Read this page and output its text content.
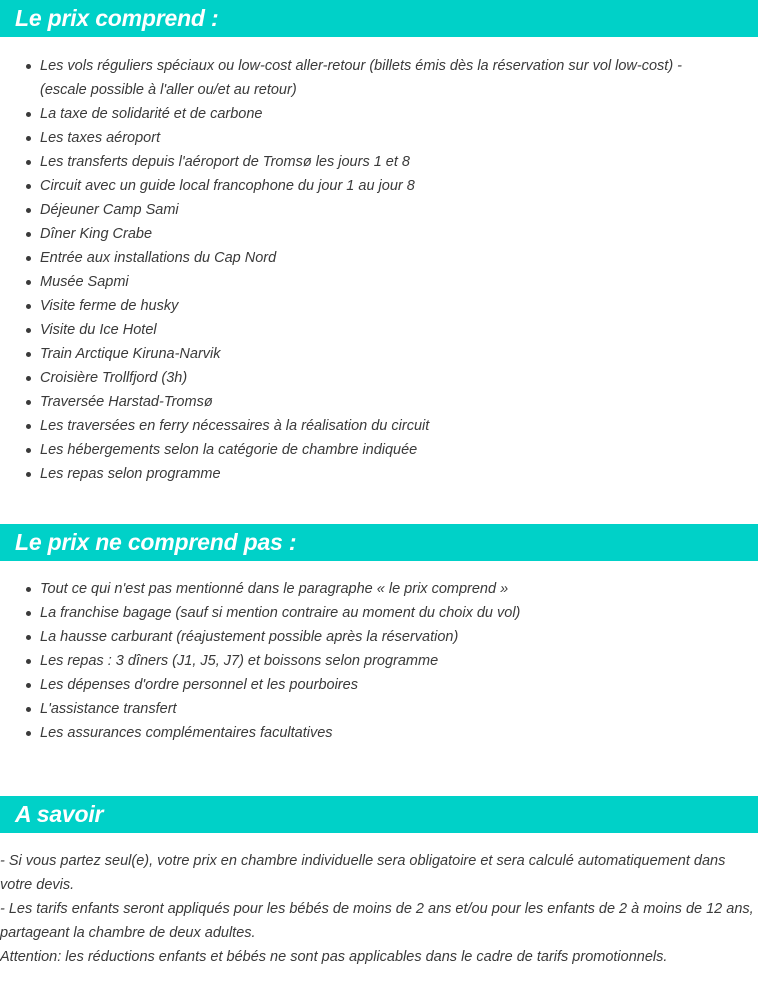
Le prix comprend :
Les vols réguliers spéciaux ou low-cost aller-retour (billets émis dès la réservation sur vol low-cost) - (escale possible à l'aller ou/et au retour)
La taxe de solidarité et de carbone
Les taxes aéroport
Les transferts depuis l'aéroport de Tromsø les jours 1 et 8
Circuit avec un guide local francophone du jour 1 au jour 8
Déjeuner Camp Sami
Dîner King Crabe
Entrée aux installations du Cap Nord
Musée Sapmi
Visite ferme de husky
Visite du Ice Hotel
Train Arctique Kiruna-Narvik
Croisière Trollfjord (3h)
Traversée Harstad-Tromsø
Les traversées en ferry nécessaires à la réalisation du circuit
Les hébergements selon la catégorie de chambre indiquée
Les repas selon programme
Le prix ne comprend pas :
Tout ce qui n'est pas mentionné dans le paragraphe « le prix comprend »
La franchise bagage (sauf si mention contraire au moment du choix du vol)
La hausse carburant (réajustement possible après la réservation)
Les repas : 3 dîners (J1, J5, J7) et boissons selon programme
Les dépenses d'ordre personnel et les pourboires
L'assistance transfert
Les assurances complémentaires facultatives
A savoir

- Si vous partez seul(e), votre prix en chambre individuelle sera obligatoire et sera calculé automatiquement dans votre devis.

- Les tarifs enfants seront appliqués pour les bébés de moins de 2 ans et/ou pour les enfants de 2 à moins de 12 ans, partageant la chambre de deux adultes.

Attention: les réductions enfants et bébés ne sont pas applicables dans le cadre de tarifs promotionnels.
